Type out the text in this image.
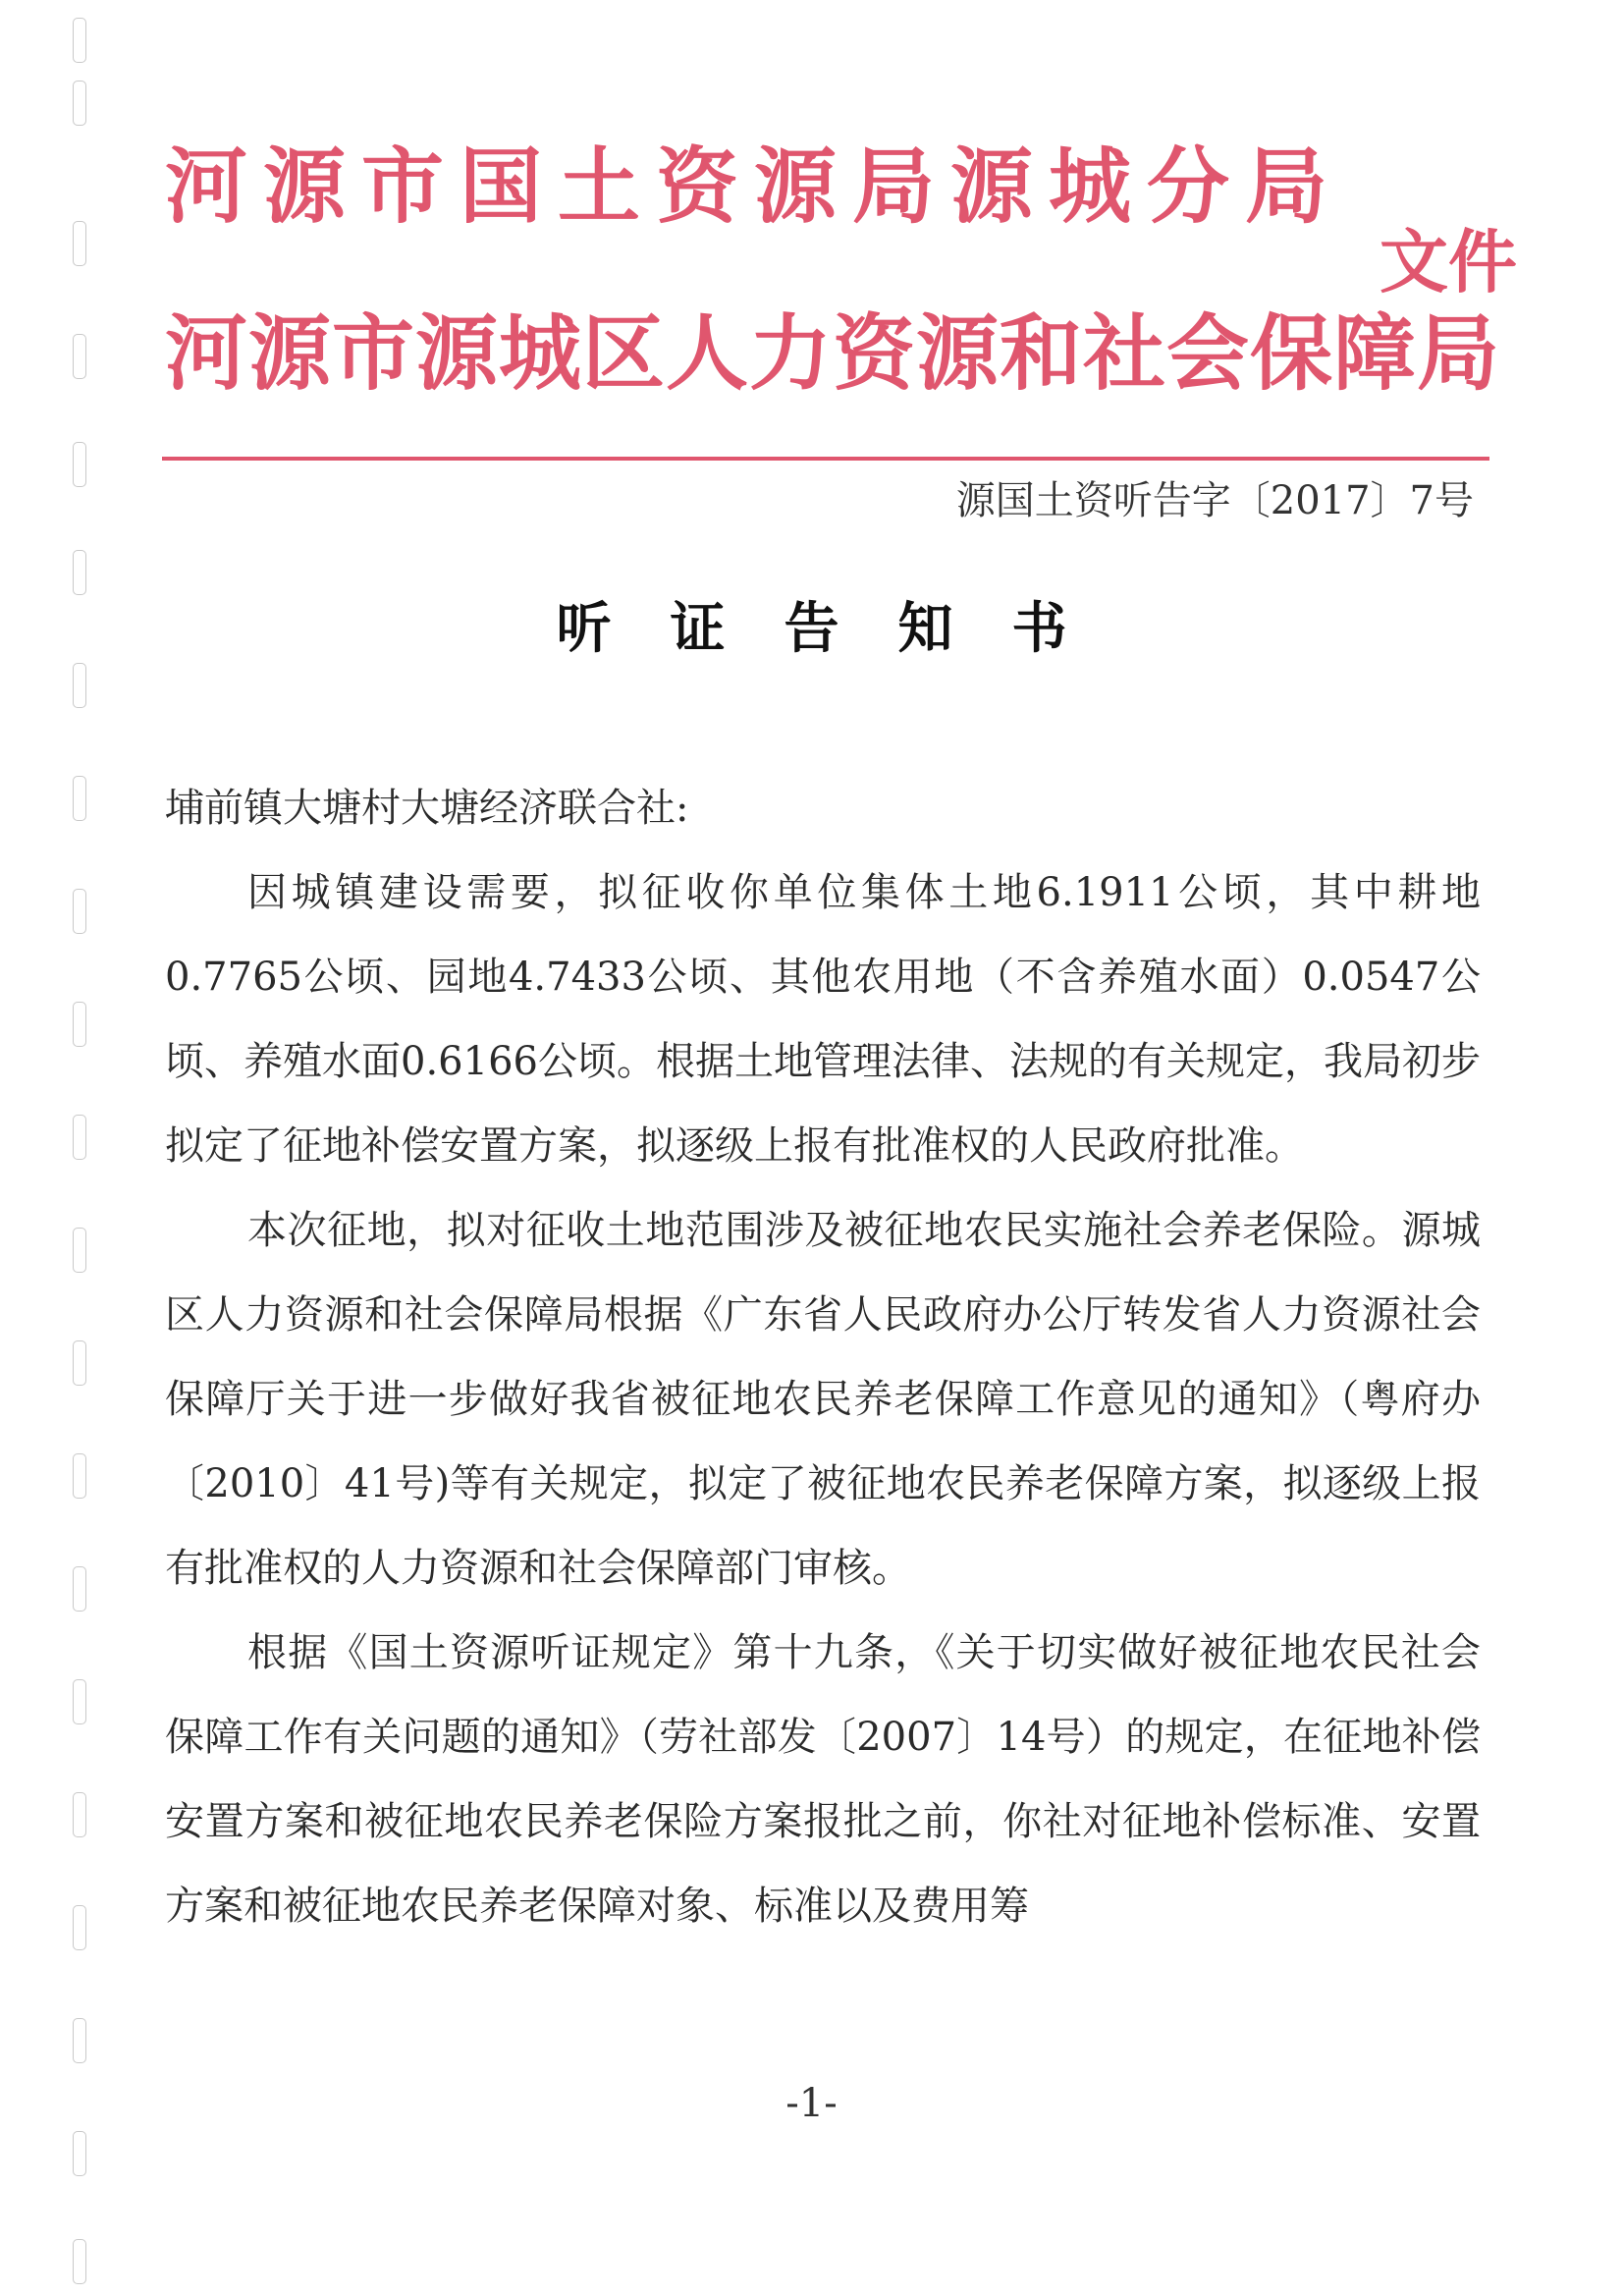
河源市国土资源局源城分局
河源市源城区人力资源和社会保障局
文件
源国土资听告字〔2017〕7号
听证告知书

埔前镇大塘村大塘经济联合社:

因城镇建设需要，拟征收你单位集体土地6.1911公顷，其中耕地0.7765公顷、园地4.7433公顷、其他农用地（不含养殖水面）0.0547公顷、养殖水面0.6166公顷。根据土地管理法律、法规的有关规定，我局初步拟定了征地补偿安置方案，拟逐级上报有批准权的人民政府批准。

本次征地，拟对征收土地范围涉及被征地农民实施社会养老保险。源城区人力资源和社会保障局根据《广东省人民政府办公厅转发省人力资源社会保障厅关于进一步做好我省被征地农民养老保障工作意见的通知》（粤府办〔2010〕41号)等有关规定，拟定了被征地农民养老保障方案，拟逐级上报有批准权的人力资源和社会保障部门审核。

根据《国土资源听证规定》第十九条，《关于切实做好被征地农民社会保障工作有关问题的通知》（劳社部发〔2007〕14号）的规定，在征地补偿安置方案和被征地农民养老保险方案报批之前，你社对征地补偿标准、安置方案和被征地农民养老保障对象、标准以及费用筹

-1-
